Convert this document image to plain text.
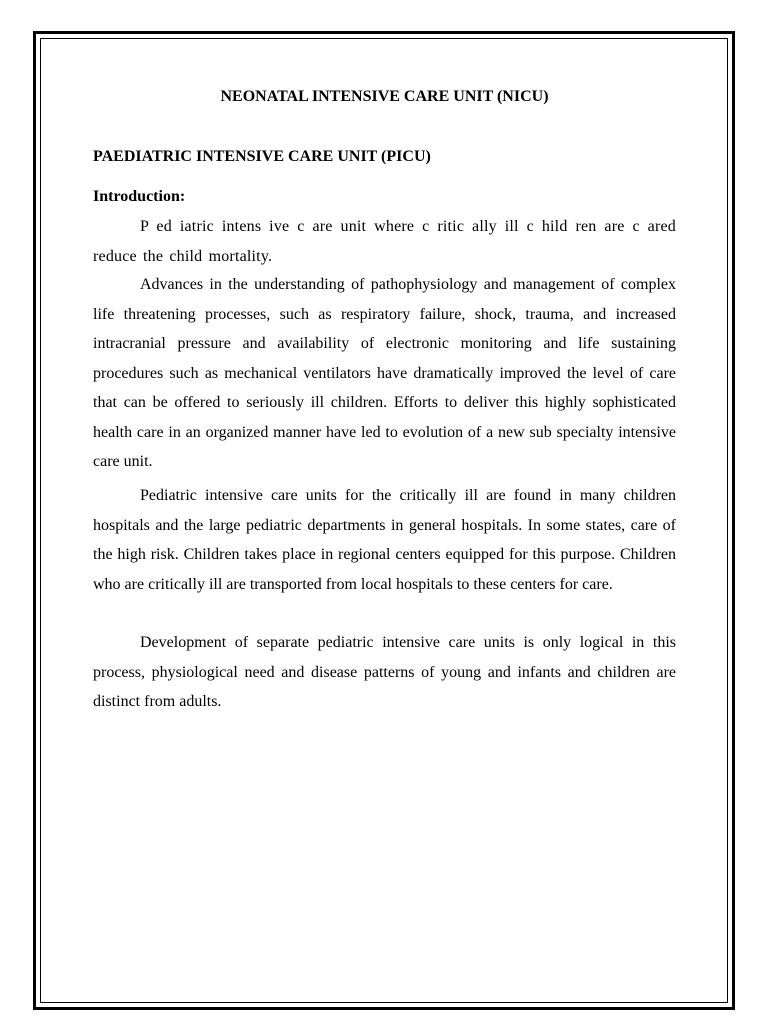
NEONATAL INTENSIVE CARE UNIT (NICU)
PAEDIATRIC INTENSIVE CARE UNIT (PICU)
Introduction:

P ed iatric intens ive c are unit where c ritic ally ill c hild ren are c ared reduce the child mortality.

Advances in the understanding of pathophysiology and management of complex life threatening processes, such as respiratory failure, shock, trauma, and increased intracranial pressure and availability of electronic monitoring and life sustaining procedures such as mechanical ventilators have dramatically improved the level of care that can be offered to seriously ill children. Efforts to deliver this highly sophisticated health care in an organized manner have led to evolution of a new sub specialty intensive care unit.

Pediatric intensive care units for the critically ill are found in many children hospitals and the large pediatric departments in general hospitals. In some states, care of the high risk. Children takes place in regional centers equipped for this purpose. Children who are critically ill are transported from local hospitals to these centers for care.

Development of separate pediatric intensive care units is only logical in this process, physiological need and disease patterns of young and infants and children are distinct from adults.
